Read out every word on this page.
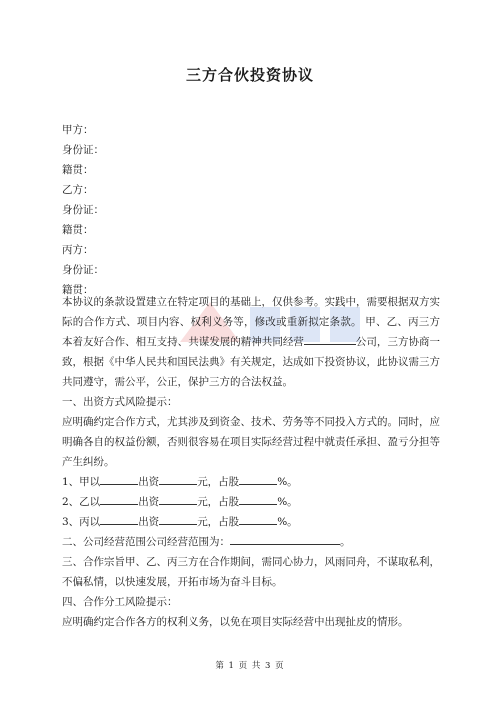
三方合伙投资协议
甲方：
身份证：
籍贯：
乙方：
身份证：
籍贯：
丙方：
身份证：
籍贯：

本协议的条款设置建立在特定项目的基础上，仅供参考。实践中，需要根据双方实际的合作方式、项目内容、权利义务等，修改或重新拟定条款。 甲、乙、丙三方本着友好合作、相互支持、共谋发展的精神共同经营	公司，三方协商一致，根据《中华人民共和国民法典》有关规定，达成如下投资协议，此协议需三方共同遵守，需公平，公正，保护三方的合法权益。

一、出资方式风险提示：

应明确约定合作方式，尤其涉及到资金、技术、劳务等不同投入方式的。同时，应明确各自的权益份额，否则很容易在项目实际经营过程中就责任承担、盈亏分担等产生纠纷。

1、甲以	出资	元，占股	%。

2、乙以	出资	元，占股	%。

3、丙以	出资	元，占股	%。

二、公司经营范围公司经营范围为：	。

三、合作宗旨甲、乙、丙三方在合作期间，需同心协力，风雨同舟，不谋取私利，不偏私情，以快速发展，开拓市场为奋斗目标。

四、合作分工风险提示：

应明确约定合作各方的权利义务，以免在项目实际经营中出现扯皮的情形。

第 1 页 共 3 页
